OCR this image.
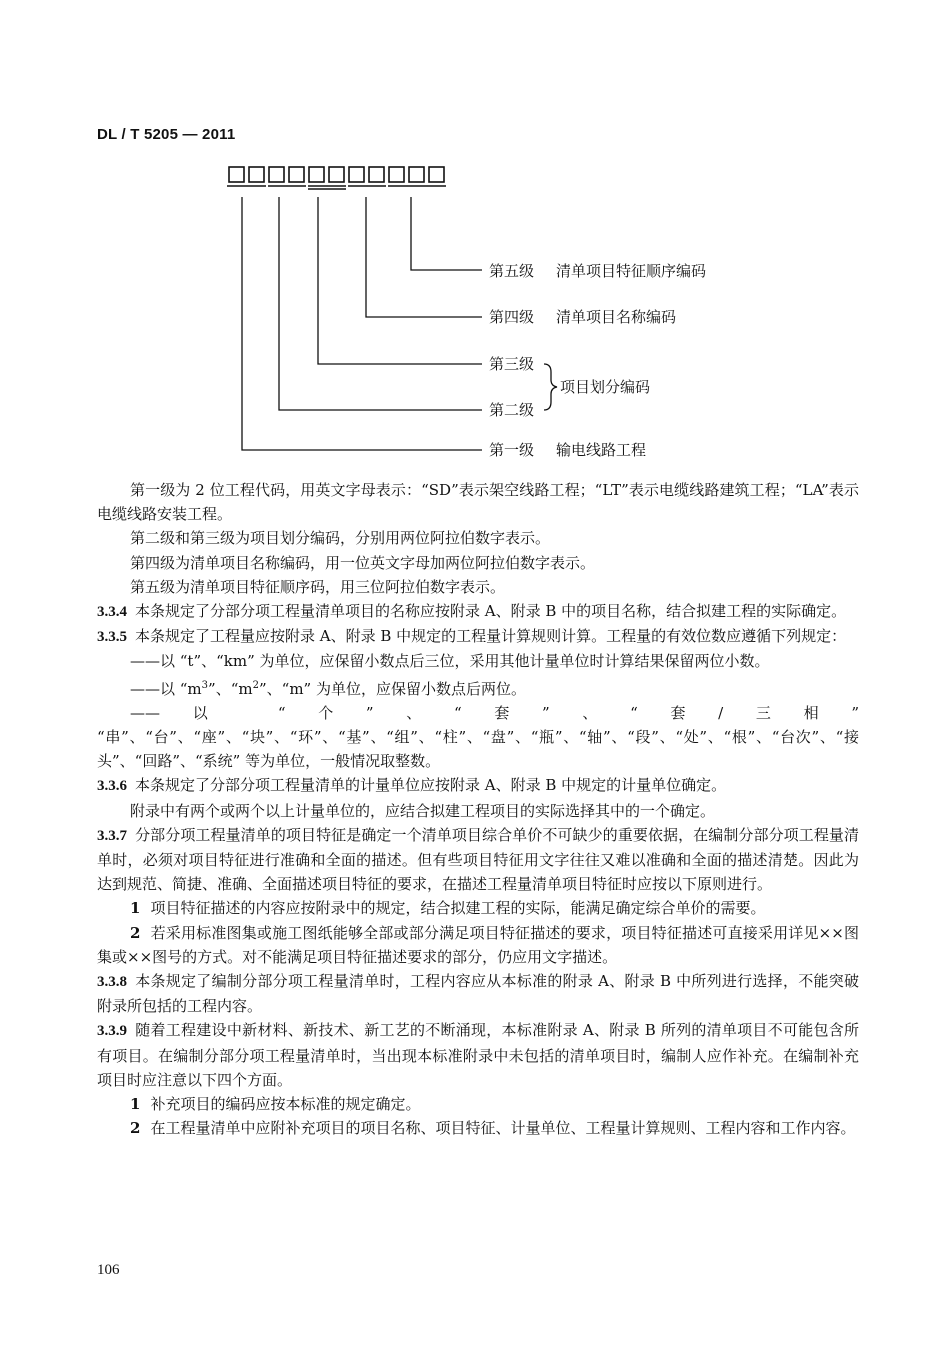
DL / T 5205 — 2011
第五级 清单项目特征顺序编码
第四级 清单项目名称编码
第三级
第二级
项目划分编码
第一级 输电线路工程

第一级为 2 位工程代码，用英文字母表示：“SD”表示架空线路工程；“LT”表示电缆线路建筑工程；“LA”表示电缆线路安装工程。

第二级和第三级为项目划分编码，分别用两位阿拉伯数字表示。

第四级为清单项目名称编码，用一位英文字母加两位阿拉伯数字表示。

第五级为清单项目特征顺序码，用三位阿拉伯数字表示。

3.3.4 本条规定了分部分项工程量清单项目的名称应按附录 A、附录 B 中的项目名称，结合拟建工程的实际确定。

3.3.5 本条规定了工程量应按附录 A、附录 B 中规定的工程量计算规则计算。工程量的有效位数应遵循下列规定：

——以 “t”、“km” 为单位，应保留小数点后三位，采用其他计量单位时计算结果保留两位小数。

——以 “$m^3$”、“$m^2$”、“m” 为单位，应保留小数点后两位。

——以 “个”、“套”、“套/三相” “串”、“台”、“座”、“块”、“环”、“基”、“组”、“柱”、“盘”、“瓶”、“轴”、“段”、“处”、“根”、“台次”、“接头”、“回路”、“系统” 等为单位，一般情况取整数。

3.3.6 本条规定了分部分项工程量清单的计量单位应按附录 A、附录 B 中规定的计量单位确定。

附录中有两个或两个以上计量单位的，应结合拟建工程项目的实际选择其中的一个确定。

3.3.7 分部分项工程量清单的项目特征是确定一个清单项目综合单价不可缺少的重要依据，在编制分部分项工程量清单时，必须对项目特征进行准确和全面的描述。但有些项目特征用文字往往又难以准确和全面的描述清楚。因此为达到规范、简捷、准确、全面描述项目特征的要求，在描述工程量清单项目特征时应按以下原则进行。

1 项目特征描述的内容应按附录中的规定，结合拟建工程的实际，能满足确定综合单价的需要。

2 若采用标准图集或施工图纸能够全部或部分满足项目特征描述的要求，项目特征描述可直接采用详见××图集或××图号的方式。对不能满足项目特征描述要求的部分，仍应用文字描述。

3.3.8 本条规定了编制分部分项工程量清单时，工程内容应从本标准的附录 A、附录 B 中所列进行选择，不能突破附录所包括的工程内容。

3.3.9 随着工程建设中新材料、新技术、新工艺的不断涌现，本标准附录 A、附录 B 所列的清单项目不可能包含所有项目。在编制分部分项工程量清单时，当出现本标准附录中未包括的清单项目时，编制人应作补充。在编制补充项目时应注意以下四个方面。

1 补充项目的编码应按本标准的规定确定。

2 在工程量清单中应附补充项目的项目名称、项目特征、计量单位、工程量计算规则、工程内容和工作内容。

106
